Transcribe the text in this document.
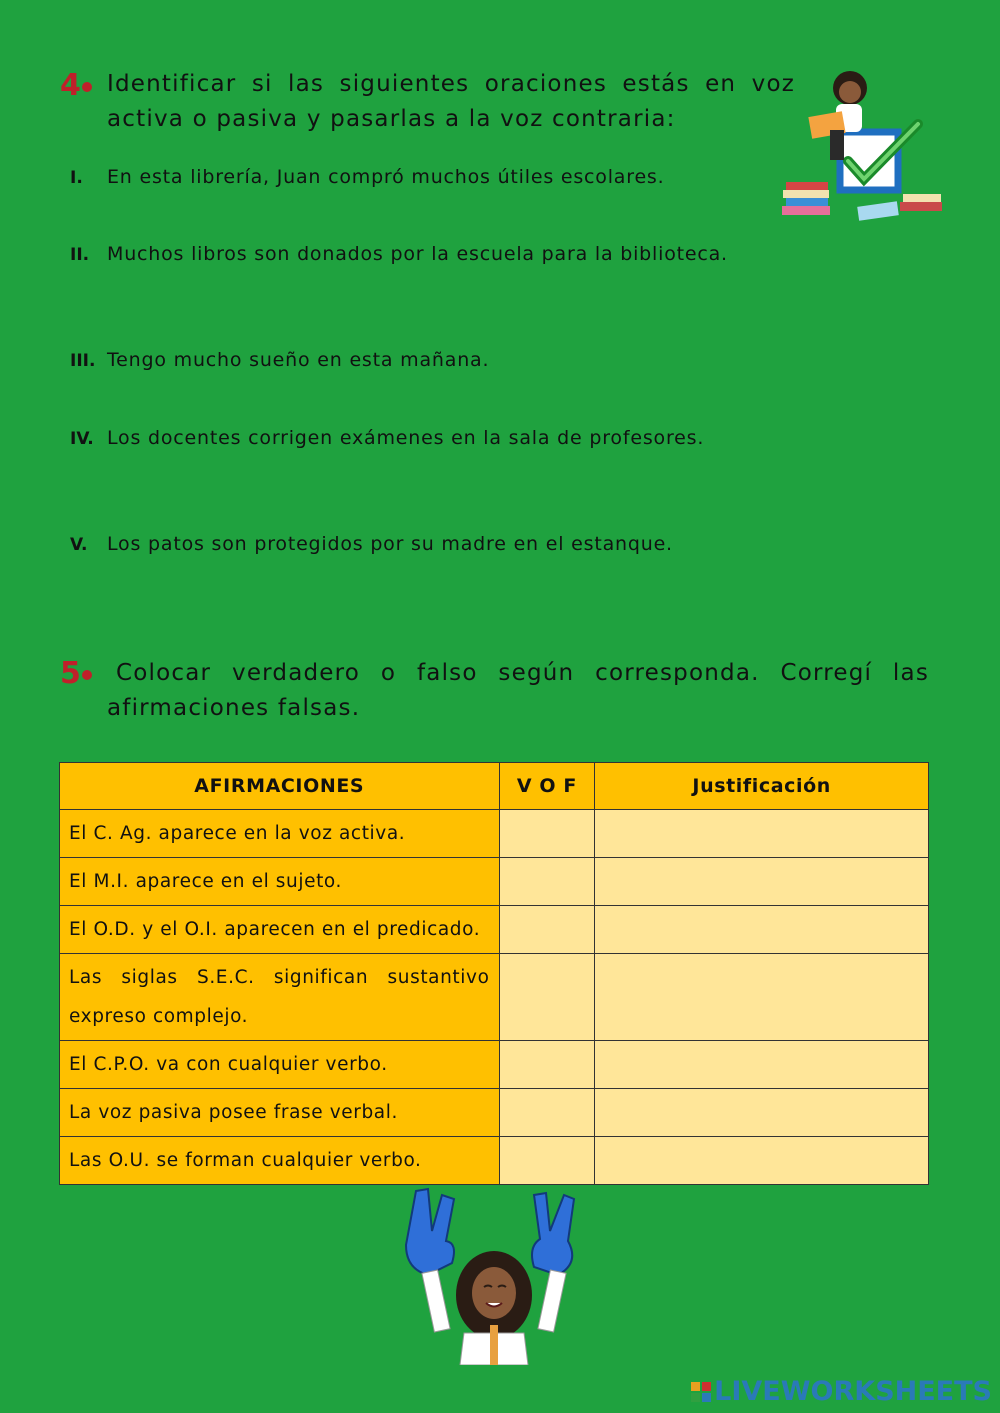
4	Identificar si las siguientes oraciones estás en voz activa o pasiva y pasarlas a la voz contraria:
I. En esta librería, Juan compró muchos útiles escolares.
II. Muchos libros son donados por la escuela para la biblioteca.
III. Tengo mucho sueño en esta mañana.
IV. Los docentes corrigen exámenes en la sala de profesores.
V. Los patos son protegidos por su madre en el estanque.
5	Colocar verdadero o falso según corresponda. Corregí las afirmaciones falsas.
AFIRMACIONES	V O F	Justificación
El C. Ag. aparece en la voz activa.		
El M.I. aparece en el sujeto.		
El O.D. y el O.I. aparecen en el predicado.		
Las siglas S.E.C. significan sustantivo expreso complejo.		
El C.P.O. va con cualquier verbo.		
La voz pasiva posee frase verbal.		
Las O.U. se forman cualquier verbo.		
LIVEWORKSHEETS
